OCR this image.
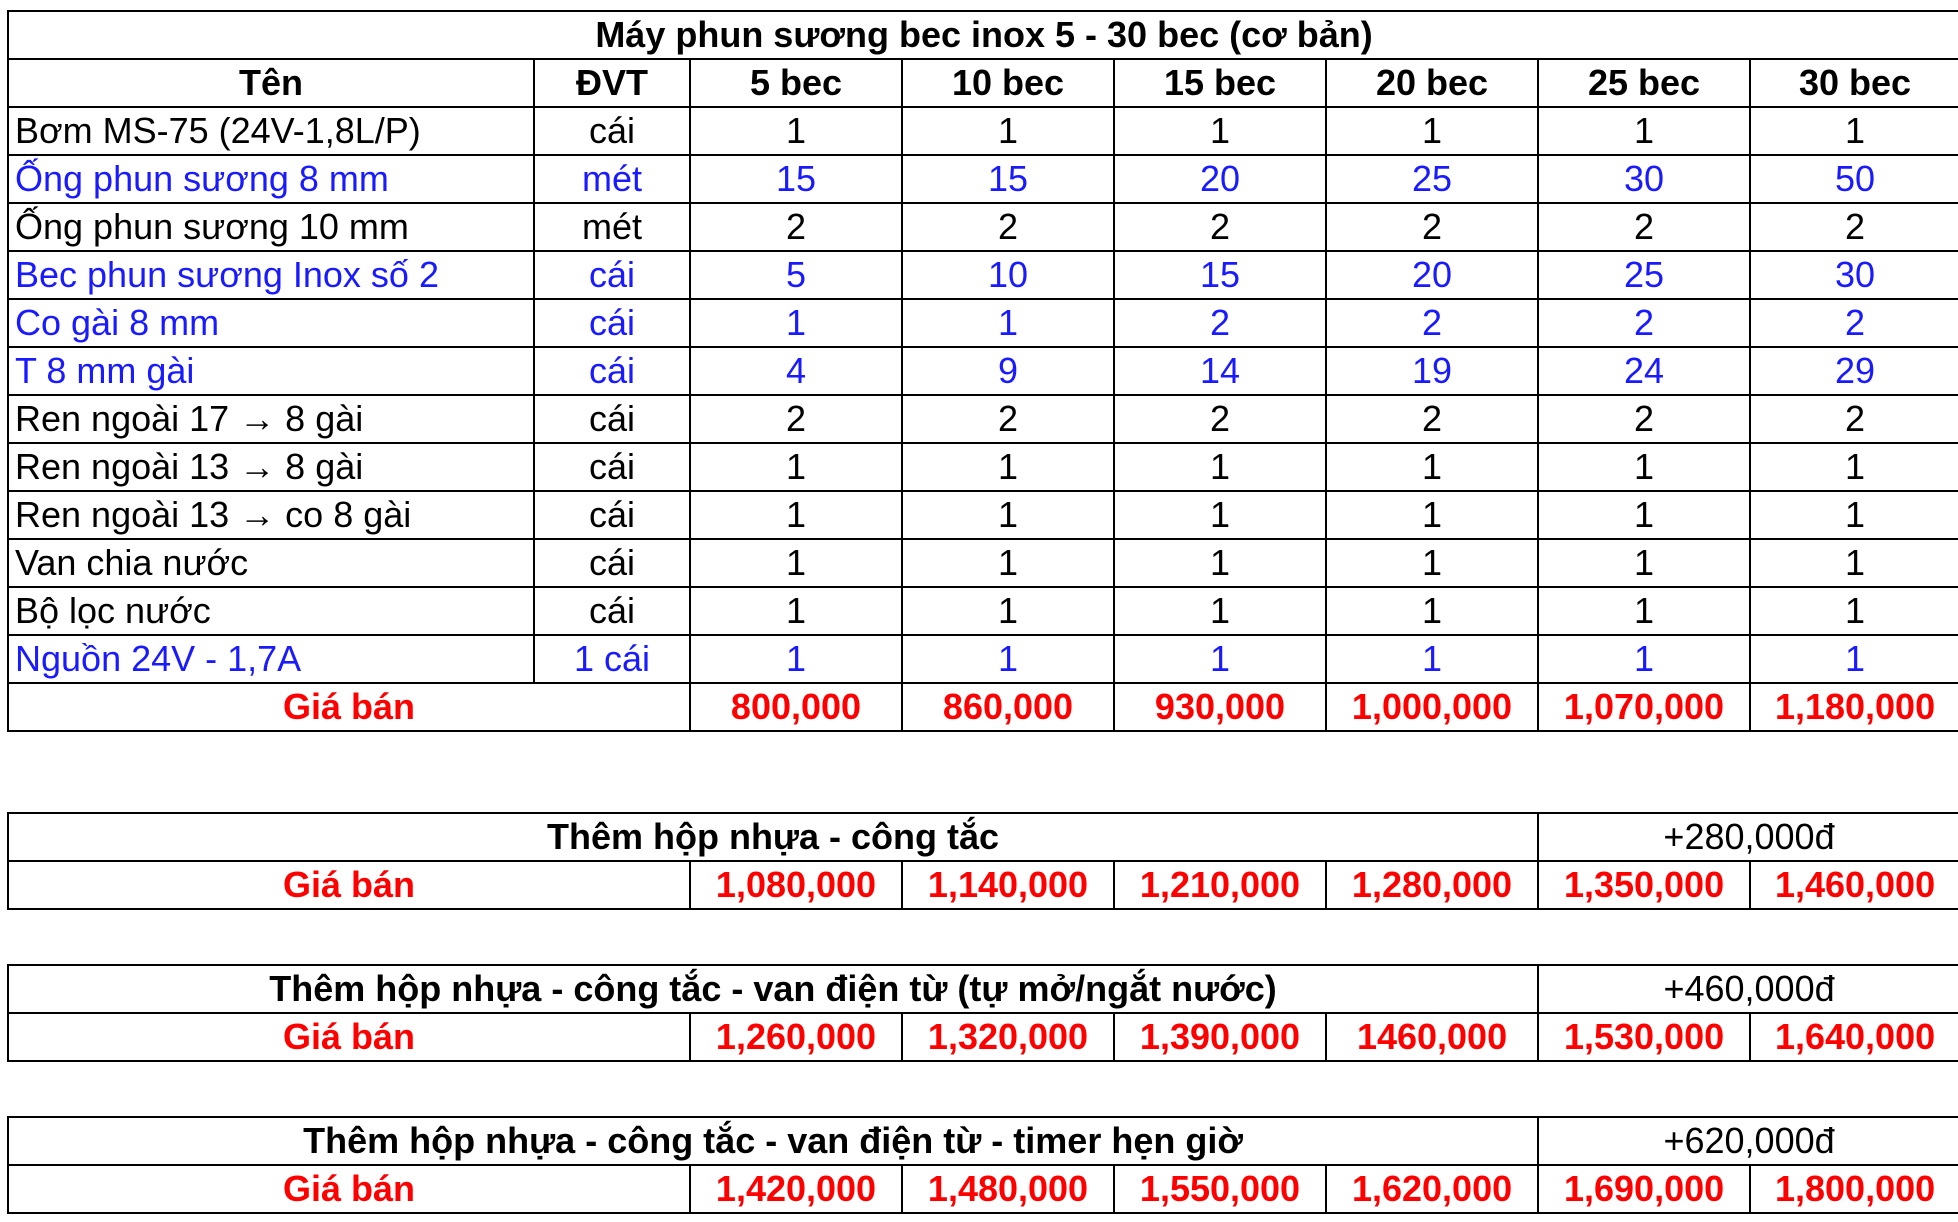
Máy phun sương bec inox 5 - 30 bec (cơ bản)							
Tên	ĐVT	5 bec	10 bec	15 bec	20 bec	25 bec	30 bec
Bơm MS-75 (24V-1,8L/P)	cái	1	1	1	1	1	1
Ống phun sương 8 mm	mét	15	15	20	25	30	50
Ống phun sương 10 mm	mét	2	2	2	2	2	2
Bec phun sương Inox số 2	cái	5	10	15	20	25	30
Co gài 8 mm	cái	1	1	2	2	2	2
T 8 mm gài	cái	4	9	14	19	24	29
Ren ngoài 17 → 8 gài	cái	2	2	2	2	2	2
Ren ngoài 13 → 8 gài	cái	1	1	1	1	1	1
Ren ngoài 13 → co 8 gài	cái	1	1	1	1	1	1
Van chia nước	cái	1	1	1	1	1	1
Bộ lọc nước	cái	1	1	1	1	1	1
Nguồn 24V - 1,7A	1 cái	1	1	1	1	1	1
Giá bán		800,000	860,000	930,000	1,000,000	1,070,000	1,180,000
Thêm hộp nhựa - công tắc					+280,000đ	
Giá bán	1,080,000	1,140,000	1,210,000	1,280,000	1,350,000	1,460,000
Thêm hộp nhựa - công tắc - van điện từ (tự mở/ngắt nước)					+460,000đ	
Giá bán	1,260,000	1,320,000	1,390,000	1460,000	1,530,000	1,640,000
Thêm hộp nhựa - công tắc - van điện từ - timer hẹn giờ					+620,000đ	
Giá bán	1,420,000	1,480,000	1,550,000	1,620,000	1,690,000	1,800,000
